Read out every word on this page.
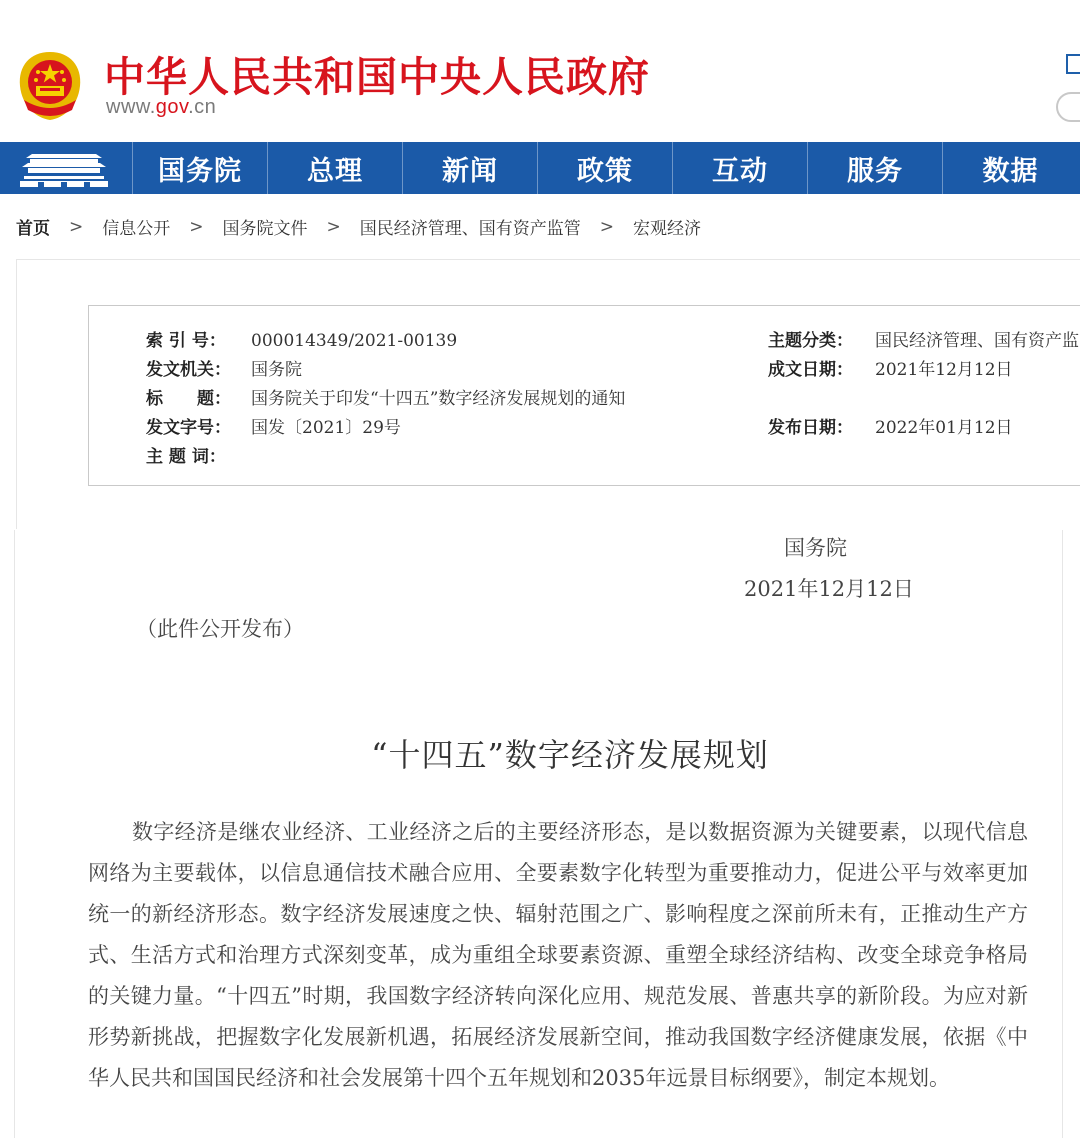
中华人民共和国中央人民政府
www.gov.cn
国务院	总理	新闻	政策	互动	服务	数据
首页 > 信息公开 > 国务院文件 > 国民经济管理、国有资产监管 > 宏观经济
索 引 号： 000014349/2021-00139	主题分类： 国民经济管理、国有资产监
发文机关： 国务院	成文日期： 2021年12月12日
标　　题： 国务院关于印发“十四五”数字经济发展规划的通知
发文字号： 国发〔2021〕29号	发布日期： 2022年01月12日
主 题 词：
国务院
2021年12月12日
（此件公开发布）
“十四五”数字经济发展规划
数字经济是继农业经济、工业经济之后的主要经济形态，是以数据资源为关键要素，以现代信息网络为主要载体，以信息通信技术融合应用、全要素数字化转型为重要推动力，促进公平与效率更加统一的新经济形态。数字经济发展速度之快、辐射范围之广、影响程度之深前所未有，正推动生产方式、生活方式和治理方式深刻变革，成为重组全球要素资源、重塑全球经济结构、改变全球竞争格局的关键力量。“十四五”时期，我国数字经济转向深化应用、规范发展、普惠共享的新阶段。为应对新形势新挑战，把握数字化发展新机遇，拓展经济发展新空间，推动我国数字经济健康发展，依据《中华人民共和国国民经济和社会发展第十四个五年规划和2035年远景目标纲要》，制定本规划。
